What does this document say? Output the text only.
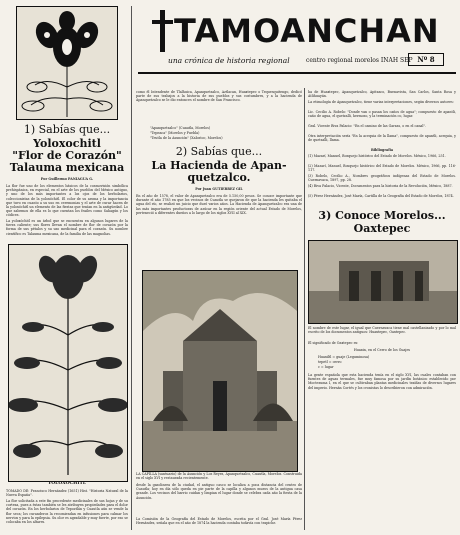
1) Sabías que...
Yoloxochitl
"Flor de Corazón"
Talauma mexicana
Por Guillermo PANIAGUA G.
La flor fue uno de los elementos básicos de la cosmovisión simbólica prehispánica, en especial, en el arte de los pueblos del México antiguo, y uno de los más importantes a los ojos de los herbolarios, coleccionistas de la yoloxóchitl. El color de su aroma y la importancia que tuvo en cuanto a su uso en ceremonias y el arte de curar hacen de la yoloxóchitl un elemento de las fiestas que tenían en la antigüedad. Lo que sabemos de ella es lo que cuentan los frailes como Sahagún y los códices.
La yoloxóchitl es un árbol que se encuentra en algunos lugares de la tierra caliente; sus flores llevan el nombre de flor de corazón por la forma de sus pétalos y su uso medicinal para el corazón. Su nombre científico es Talauma mexicana, de la familia de las magnolias.
YOLOXÓCHITL
TOMADO DE: Francisco Hernández (1651) Hist. "Historia Natural de la Nueva España".
La flor solicitada a este fin procedente medicinales de sus hojas y de su corteza, pues a éstas también se les atribuyen propiedades para el dolor del corazón. En los herbolarios de Tepoztlán y Cuautla aún se vende la flor seca; los curanderos la recomiendan en infusiones para calmar los nervios y para la epilepsia. Su olor es agradable y muy fuerte, por eso se colocaba en los altares.
TAMOANCHAN
una crónica de historia regional	centro regional morelos INAH SEP Nº 8
como él Intendente de Tlalhuica, Apanquetzalco, Aztlacan, Huaxtepec o Tequesquitengo, dedicó parte de sus trabajos a la historia de sus pueblos y sus costumbres, y a la hacienda de Apanquetzalco se le dio entonces el nombre de San Francisco.
"Apanquetzalco" (Cuautla, Morelos)
"Tepeaca" (Morelos y Puebla)
"Teutla de la Asunción" (Xalostoc, Morelos)
2) Sabías que...
La Hacienda de Apan-
quetzalco.
Por Juan GUTIÉRREZ GIL
En el año de 1578, el valor de Apanquetzalco era de 5.150,00 pesos. Se conoce importante que durante el año 1785 en que los vecinos de Cuautla se quejaron de que la hacienda les quitaba el agua del río, se realizó un juicio que duró varios años. La Hacienda de Apanquetzalco era una de las más importantes productoras de azúcar en la región oriente del actual Estado de Morelos, perteneció a diferentes dueños a lo largo de los siglos XVII al XIX.
LA CAPILLA (santuario) de la Asunción y Los Reyes, Apanquetzalco, Cuautla, Morelos. Construida en el siglo XVI y restaurada recientemente.
desde la gasolinera de la ciudad, el antiguo casco se localiza a poca distancia del centro de Cuautla; hoy en día sólo queda en pie parte de la capilla y algunos muros de la antigua casa grande. Los vecinos del barrio cuidan y limpian el lugar donde se celebra cada año la fiesta de la Asunción.
La Comisión de la Geografía del Estado de Morelos, escrita por el Gral. José María Pérez Hernández, señala que en el año de 1874 la hacienda contaba todavía con trapiche.
ha de Huaxtepec, Apanquetzalco, Apitzaco, Buenavista, San Carlos, Santa Rosa y Atlihuayán.
La etimología de Apanquetzalco, tiene varias interpretaciones, según diversos autores:
Lic. Cecilio A. Robelo: "Donde van o pasan los caños de agua"; compuesto de apantli, caño de agua, el quetzalli, hermoso, y la terminación co, lugar.
Gral. Vicente Riva Palacio: "En el camino de las Garzas, o en el canal".
Otra interpretación sería "En la acequia de la llama", compuesto de apantli, acequia, y de quetzalli, llama.
Bibliografía
(1) Mazarí, Manuel, Bosquejo histórico del Estado de Morelos. México, 1966, 251.
(2) Mazarí, Manuel, Bosquejo histórico del Estado de Morelos. México, 1966, pp. 116-117.
(3) Robelo, Cecilio A., Nombres geográficos indígenas del Estado de Morelos. Cuernavaca, 1897, pp. 28.
(4) Riva Palacio, Vicente, Documentos para la historia de la Revolución, México, 1887.
(5) Pérez Hernández, José María, Cartilla de la Geografía del Estado de Morelos, 1874.
3) Conoce Morelos...
Oaxtepec
El nombre de este lugar, el igual que Cuernavaca tiene mal castellanizado y por lo mal escrito de los documentos antiguos: Huaxtepec, Oaxtepec.
El significado de Oaxtepec es:
Huaxin, en el Cerro de los Guajes
Huaxiltl = guaje (Leguminosa)
tepetl = cerro
c = lugar
La gente española que esta hacienda tenía en el siglo XVI, las cuales contaban con fuentes de aguas termales, fue muy famosa por su jardín botánico establecido por Moctezuma I, en el que se cultivaban plantas medicinales traídas de diversos lugares del imperio. Hernán Cortés y los cronistas lo describieron con admiración.
